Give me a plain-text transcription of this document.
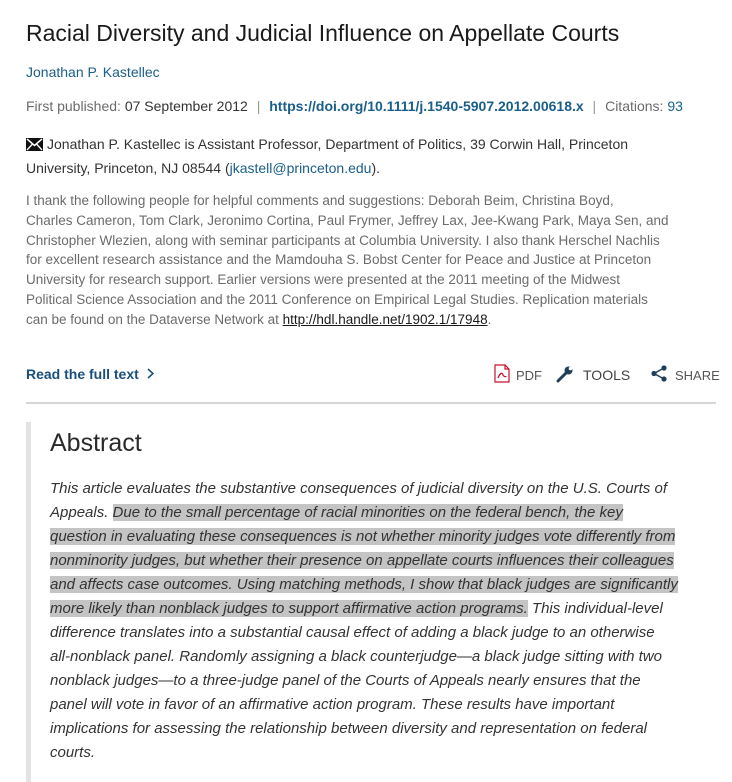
Racial Diversity and Judicial Influence on Appellate Courts
Jonathan P. Kastellec
First published: 07 September 2012 | https://doi.org/10.1111/j.1540-5907.2012.00618.x | Citations: 93
Jonathan P. Kastellec is Assistant Professor, Department of Politics, 39 Corwin Hall, Princeton
University, Princeton, NJ 08544 (jkastell@princeton.edu).
I thank the following people for helpful comments and suggestions: Deborah Beim, Christina Boyd,
Charles Cameron, Tom Clark, Jeronimo Cortina, Paul Frymer, Jeffrey Lax, Jee-Kwang Park, Maya Sen, and
Christopher Wlezien, along with seminar participants at Columbia University. I also thank Herschel Nachlis
for excellent research assistance and the Mamdouha S. Bobst Center for Peace and Justice at Princeton
University for research support. Earlier versions were presented at the 2011 meeting of the Midwest
Political Science Association and the 2011 Conference on Empirical Legal Studies. Replication materials
can be found on the Dataverse Network at http://hdl.handle.net/1902.1/17948.
Read the full text	PDF	TOOLS	SHARE
Abstract
This article evaluates the substantive consequences of judicial diversity on the U.S. Courts of
Appeals. Due to the small percentage of racial minorities on the federal bench, the key
question in evaluating these consequences is not whether minority judges vote differently from
nonminority judges, but whether their presence on appellate courts influences their colleagues
and affects case outcomes. Using matching methods, I show that black judges are significantly
more likely than nonblack judges to support affirmative action programs. This individual-level
difference translates into a substantial causal effect of adding a black judge to an otherwise
all-nonblack panel. Randomly assigning a black counterjudge—a black judge sitting with two
nonblack judges—to a three-judge panel of the Courts of Appeals nearly ensures that the
panel will vote in favor of an affirmative action program. These results have important
implications for assessing the relationship between diversity and representation on federal
courts.
